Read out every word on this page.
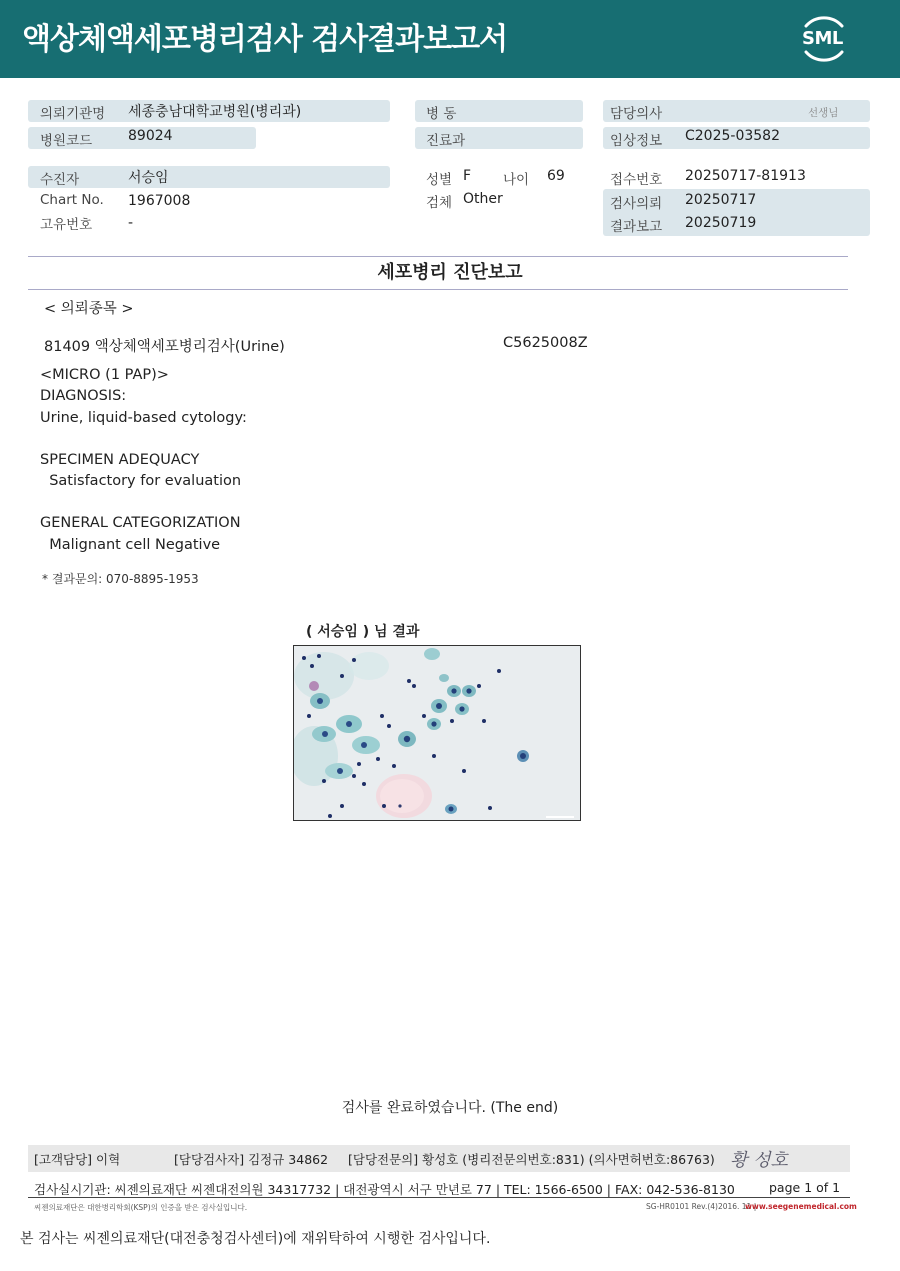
액상체액세포병리검사 검사결과보고서	SML
의뢰기관명 세종충남대학교병원(병리과)	병 동	담당의사	선생님
병원코드	89024	진료과	임상정보 C2025-03582
수진자	서승임
Chart No. 1967008
고유번호	-
성별 F 나이 69
검체 Other
접수번호 20250717-81913
검사의뢰 20250717
결과보고 20250719
세포병리 진단보고
< 의뢰종목 >
81409 액상체액세포병리검사(Urine)	C5625008Z
<MICRO (1 PAP)>
DIAGNOSIS:
Urine, liquid-based cytology:
SPECIMEN ADEQUACY
Satisfactory for evaluation
GENERAL CATEGORIZATION
Malignant cell Negative
* 결과문의: 070-8895-1953
( 서승임 ) 님 결과
검사를 완료하였습니다. (The end)
[고객담당] 이혁	[담당검사자] 김정규 34862 [담당전문의] 황성호 (병리전문의번호:831) (의사면허번호:86763) 황 성호
검사실시기관: 씨젠의료재단 씨젠대전의원 34317732 | 대전광역시 서구 만년로 77 | TEL: 1566-6500 | FAX: 042-536-8130	page 1 of 1
씨젠의료재단은 대한병리학회(KSP)의 인증을 받은 검사실입니다.	SG-HR0101 Rev.(4)2016. 11 |
www.seegenemedical.com
본 검사는 씨젠의료재단(대전충청검사센터)에 재위탁하여 시행한 검사입니다.
